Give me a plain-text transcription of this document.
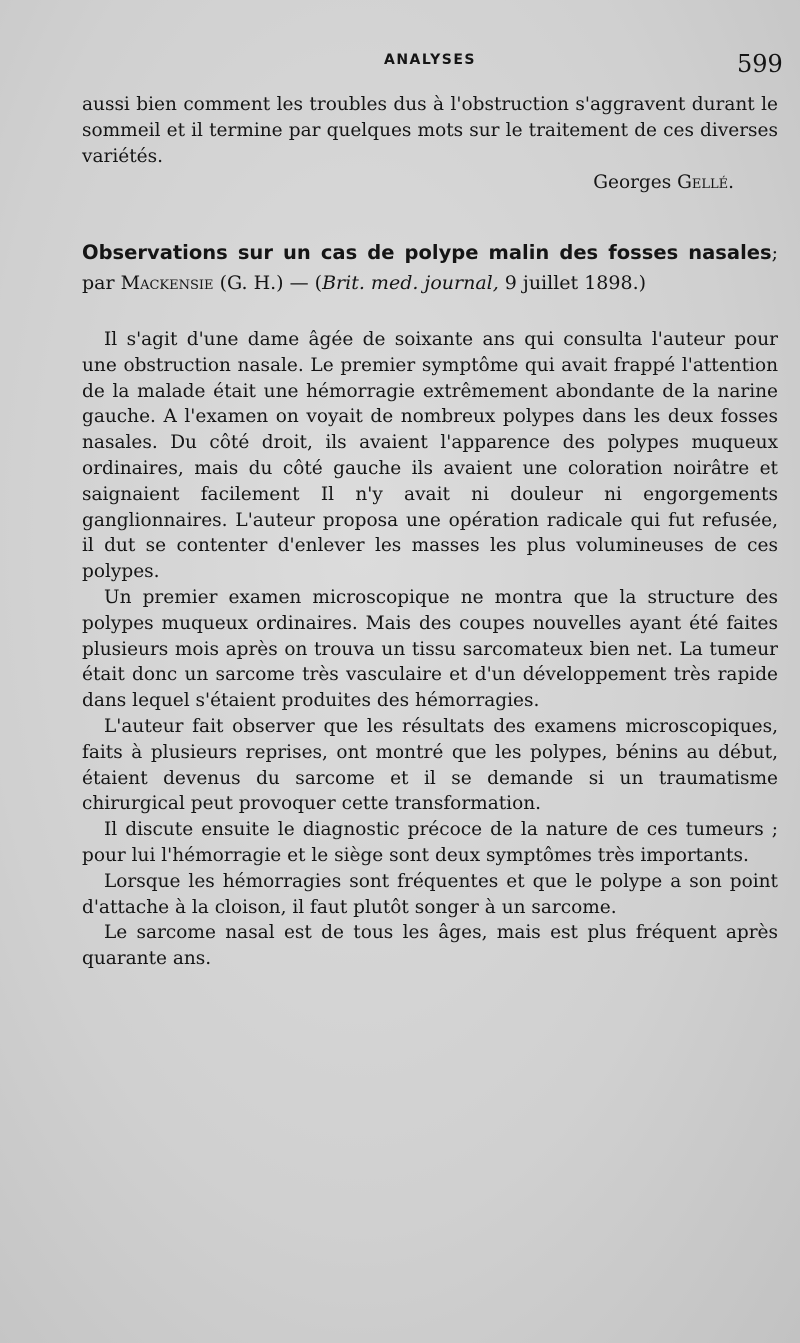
ANALYSES	599

aussi bien comment les troubles dus à l'obstruction s'aggravent durant le sommeil et il termine par quelques mots sur le traitement de ces diverses variétés.

Georges Gellé.
Observations sur un cas de polype malin des fosses nasales; par Mackensie (G. H.) — (Brit. med. journal, 9 juillet 1898.)

Il s'agit d'une dame âgée de soixante ans qui consulta l'auteur pour une obstruction nasale. Le premier symptôme qui avait frappé l'attention de la malade était une hémorragie extrêmement abondante de la narine gauche. A l'examen on voyait de nombreux polypes dans les deux fosses nasales. Du côté droit, ils avaient l'apparence des polypes muqueux ordinaires, mais du côté gauche ils avaient une coloration noirâtre et saignaient facilement Il n'y avait ni douleur ni engorgements ganglionnaires. L'auteur proposa une opération radicale qui fut refusée, il dut se contenter d'enlever les masses les plus volumineuses de ces polypes.

Un premier examen microscopique ne montra que la structure des polypes muqueux ordinaires. Mais des coupes nouvelles ayant été faites plusieurs mois après on trouva un tissu sarcomateux bien net. La tumeur était donc un sarcome très vasculaire et d'un développement très rapide dans lequel s'étaient produites des hémorragies.

L'auteur fait observer que les résultats des examens microscopiques, faits à plusieurs reprises, ont montré que les polypes, bénins au début, étaient devenus du sarcome et il se demande si un traumatisme chirurgical peut provoquer cette transformation.

Il discute ensuite le diagnostic précoce de la nature de ces tumeurs ; pour lui l'hémorragie et le siège sont deux symptômes très importants.

Lorsque les hémorragies sont fréquentes et que le polype a son point d'attache à la cloison, il faut plutôt songer à un sarcome.

Le sarcome nasal est de tous les âges, mais est plus fréquent après quarante ans.
